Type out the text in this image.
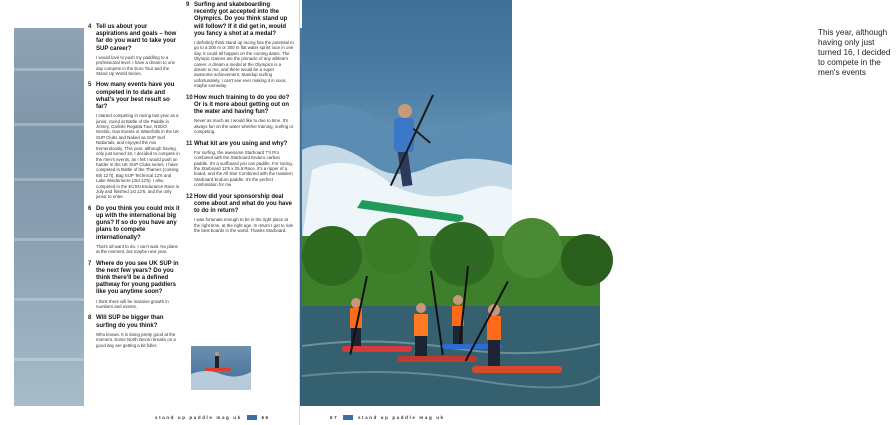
4 Tell us about your aspirations and goals – how far do you want to take your SUP career?
I would love to push my paddling to a professional level. I have a dream to one day compete in the Euro Tour and the Stand Up World Series.
5 How many events have you competed in to date and what's your best result so far?
I started competing in racing last year as a junior, raced at Battle of the Paddle in Jersey, Carlisle Regatta Tour, NSDO Worlds, Gas Events in Waterfalls in the UK SUP Clubs and Naked as SUP Surf Nationals, and enjoyed the mix tremendously. This year, although having only just turned 16, I decided to compete in the men's events, as I felt I would push on harder in the UK SUP Clubs series. I have competed in Battle of the Thames (coming 6th 12 ft), Bag SUP Technical 12'6 and Lake Windermere (3rd 12'6). I also competed in the ECSN Endurance Race in July and finished 1st 12'6, and the only junior to enter.
6 Do you think you could mix it up with the international big guns? If so do you have any plans to compete internationally?
That's all want to do. I can't wait. No plans at the moment, but maybe next year.
7 Where do you see UK SUP in the next few years? Do you think there'll be a defined pathway for young paddlers like you anytime soon?
I think there will be massive growth in numbers and events.
8 Will SUP be bigger than surfing do you think?
Who knows. It is doing pretty good at the moment. Some North Devon breaks on a good day are getting a bit fuller.
9 Surfing and skateboarding recently got accepted into the Olympics. Do you think stand up will follow? If it did get in, would you fancy a shot at a medal?
I definitely think stand up racing has the potential to go to a 200 m or 300 m flat water sprint race in one day. It could all happen on the coming dates. The Olympic Games are the pinnacle of any athlete's career. A dream a medal at the Olympics is a dream to me, and there would be a super awesome achievement. Standup surfing unfortunately, I can't see ever making it in soon, maybe someday.
10 How much training to do you do? Or is it more about getting out on the water and having fun?
Never as much as I would like to due to time. It's always fun on the water whether training, surfing or competing.
11 What kit are you using and why?
For surfing, the awesome Starboard 7'4 Pro combined with the Starboard Enduro carbon paddle. It's a surfboard you can paddle. For racing, the Starboard 12'6 x 25.5 Race. It's a ripper of a board, and the All Star Combined with the Hasdem Starboard Enduro paddle. It's the perfect combination for me.
12 How did your sponsorship deal come about and what do you have to do in return?
I was fortunate enough to be in the right place at the right time, at the right age. In return I get to ride the best boards in the world. Thanks Starboard.
stand up paddle mag uk	66
This year, although having only just turned 16, I decided to compete in the men's events
67	stand up paddle mag uk
